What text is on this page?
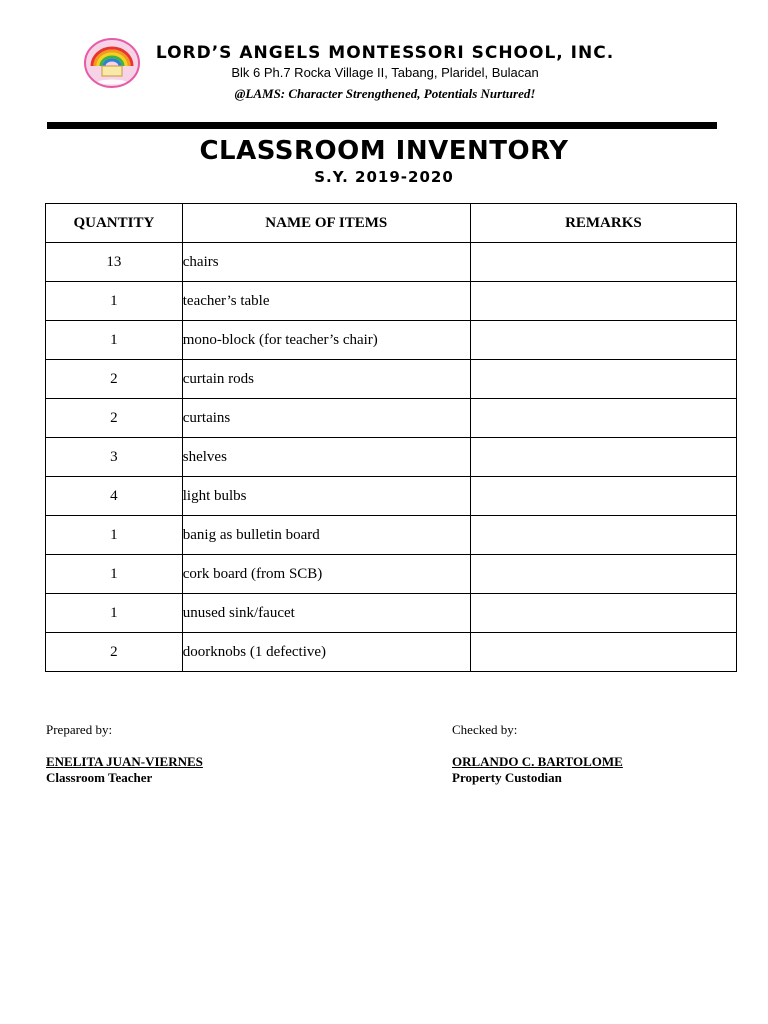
LORD’S ANGELS MONTESSORI SCHOOL, INC.
Blk 6 Ph.7 Rocka Village II, Tabang, Plaridel, Bulacan
@LAMS: Character Strengthened, Potentials Nurtured!
CLASSROOM INVENTORY
S.Y. 2019-2020
QUANTITY	NAME OF ITEMS	REMARKS
13	chairs	
1	teacher’s table	
1	mono-block (for teacher’s chair)	
2	curtain rods	
2	curtains	
3	shelves	
4	light bulbs	
1	banig as bulletin board	
1	cork board (from SCB)	
1	unused sink/faucet	
2	doorknobs (1 defective)	
Prepared by:
ENELITA JUAN-VIERNES
Classroom Teacher
Checked by:
ORLANDO C. BARTOLOME
Property Custodian
